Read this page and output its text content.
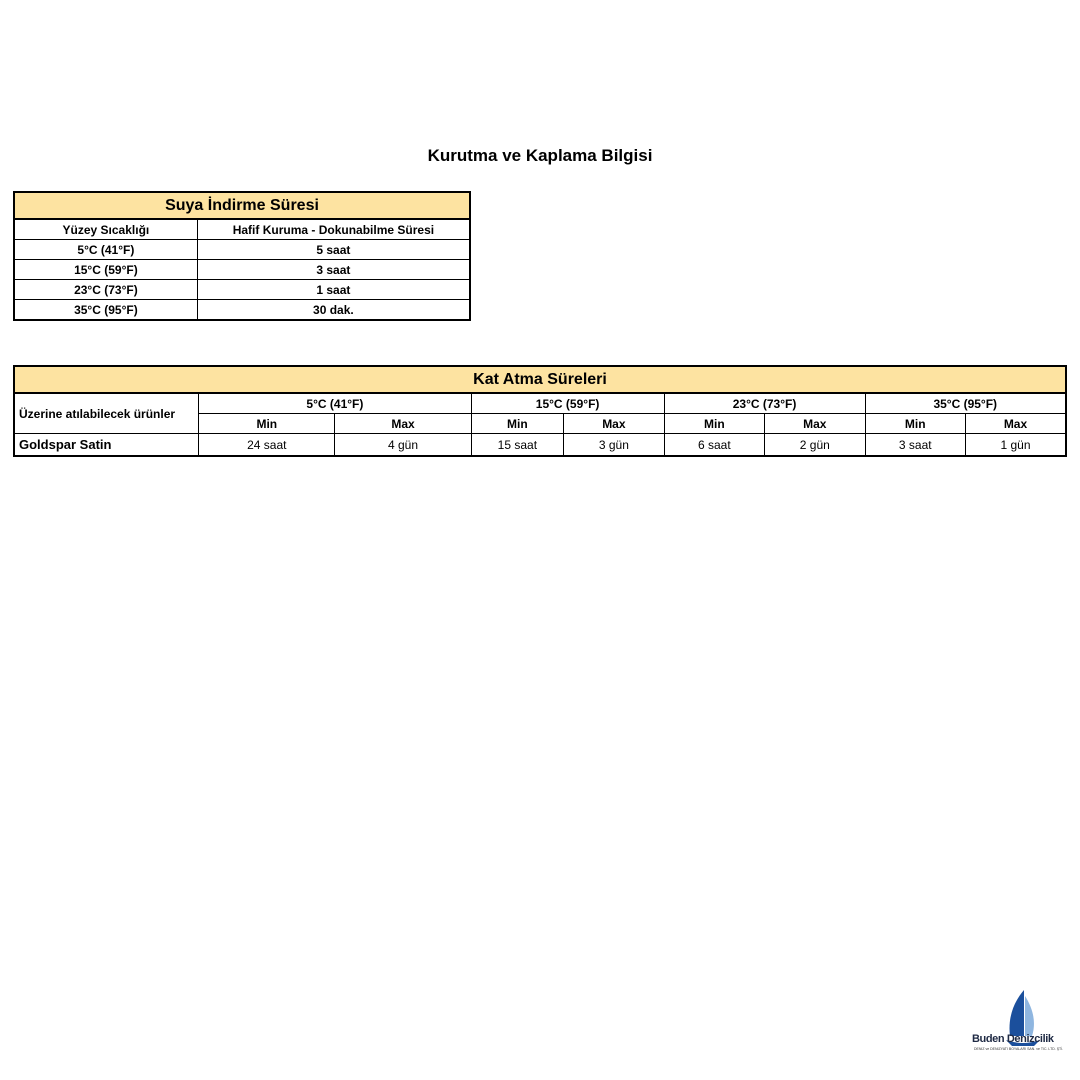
Kurutma ve Kaplama Bilgisi
Suya İndirme Süresi	
Yüzey Sıcaklığı	Hafif Kuruma - Dokunabilme Süresi
5°C (41°F)	5 saat
15°C (59°F)	3 saat
23°C (73°F)	1 saat
35°C (95°F)	30 dak.
Kat Atma Süreleri								
Üzerine atılabilecek ürünler	5°C (41°F)		15°C (59°F)		23°C (73°F)		35°C (95°F)	
	Min	Max	Min	Max	Min	Max	Min	Max
Goldspar Satin	24 saat	4 gün	15 saat	3 gün	6 saat	2 gün	3 saat	1 gün
Buden Denizcilik
DENIZ ve DENIZYATI BOYALARI SAN. ve TIC. LTD. ŞTİ.
